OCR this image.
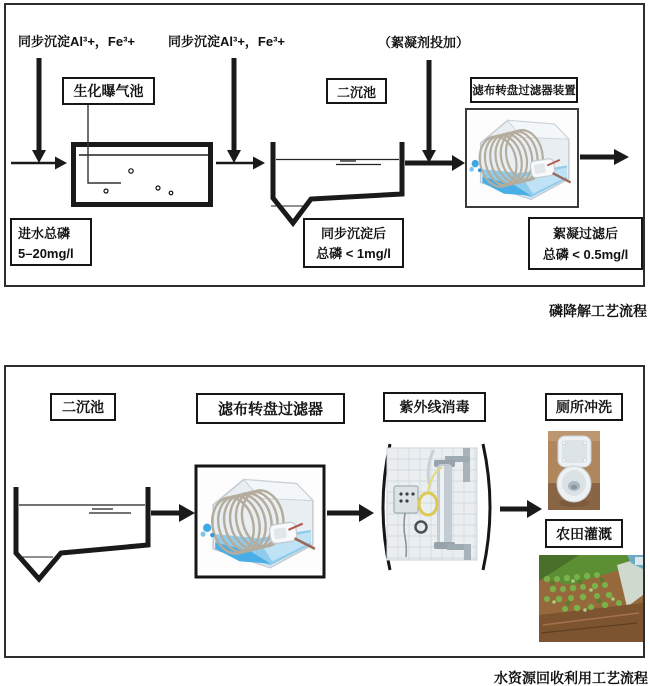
同步沉淀Al³+，Fe³+	同步沉淀Al³+，Fe³+	（絮凝剂投加）
生化曝气池	二沉池	滤布转盘过滤器装置
进水总磷
5–20mg/l
同步沉淀后
总磷 < 1mg/l
絮凝过滤后
总磷 < 0.5mg/l
磷降解工艺流程
二沉池	滤布转盘过滤器	紫外线消毒	厕所冲洗
农田灌溉
水资源回收利用工艺流程
